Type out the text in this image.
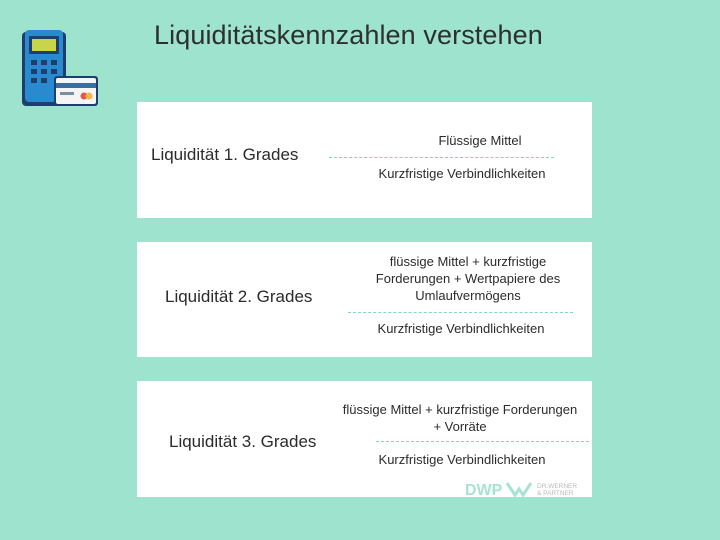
Liquiditätskennzahlen verstehen
Liquidität 1. Grades
Flüssige Mittel
Kurzfristige Verbindlichkeiten
Liquidität 2. Grades
flüssige Mittel + kurzfristige
Forderungen + Wertpapiere des
Umlaufvermögens
Kurzfristige Verbindlichkeiten
Liquidität 3. Grades
flüssige Mittel + kurzfristige Forderungen
+ Vorräte
Kurzfristige Verbindlichkeiten
DWP	DR.WERNER
& PARTNER
